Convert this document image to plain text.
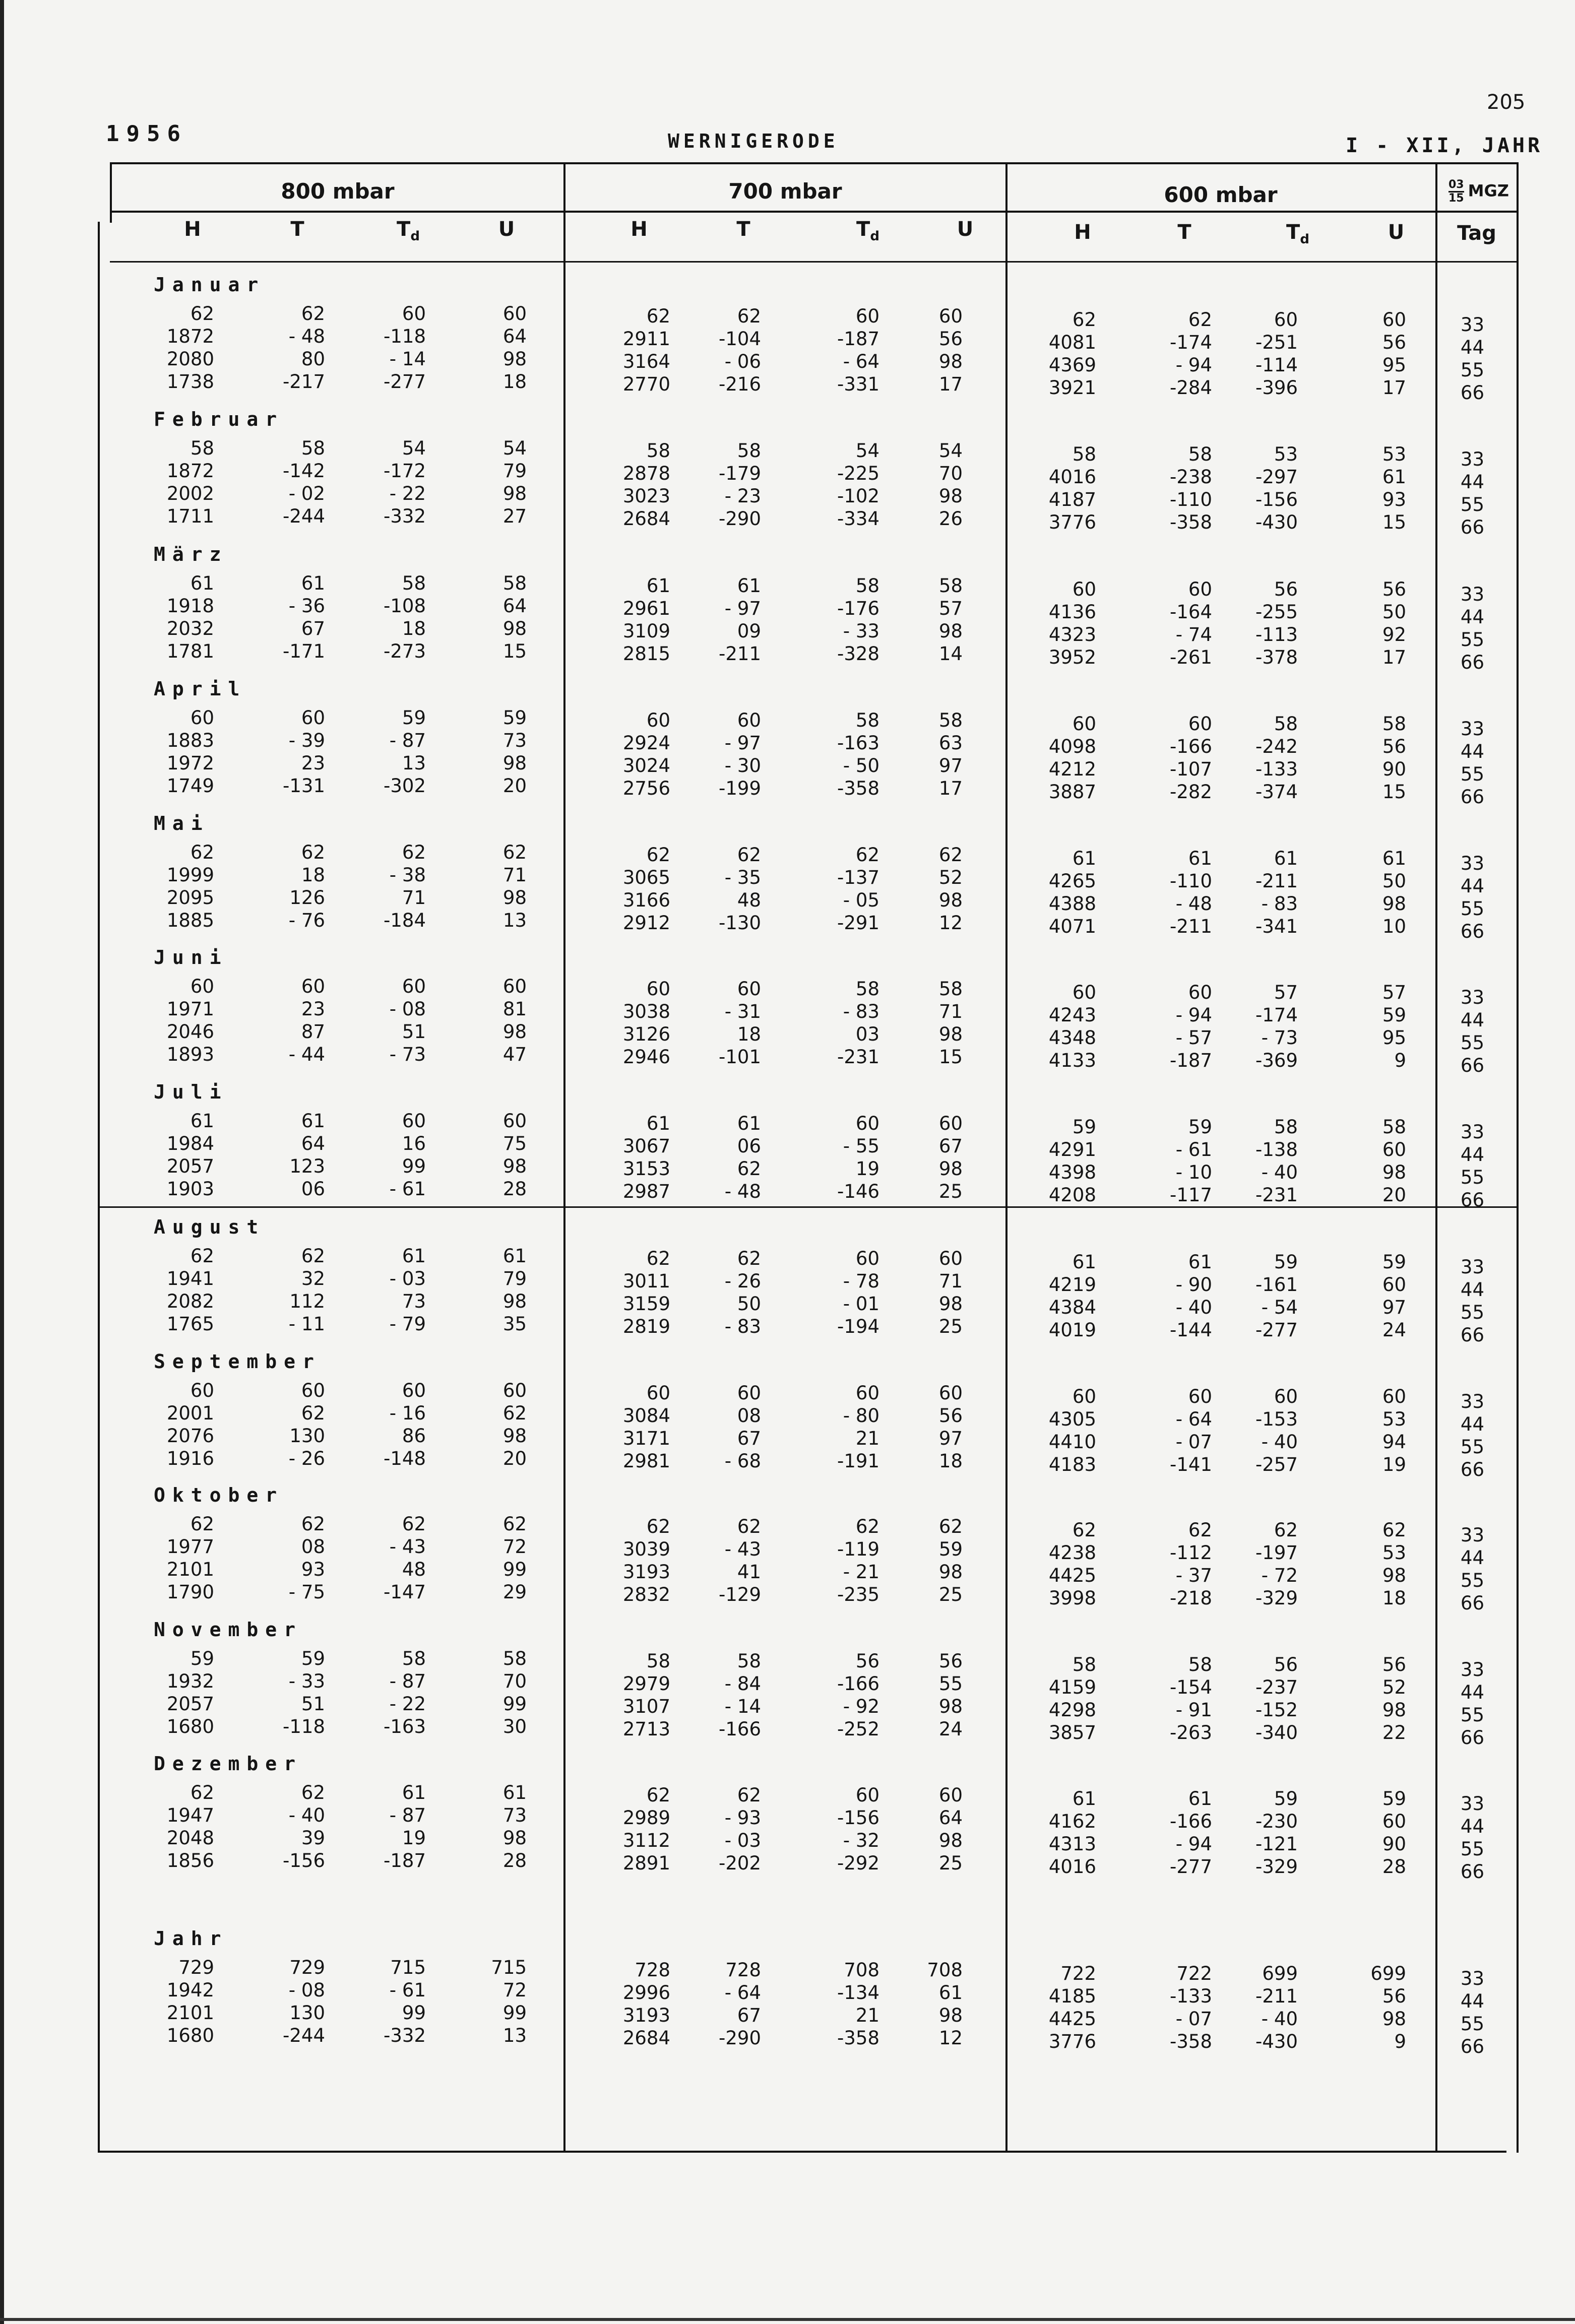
205
1956	WERNIGERODE	I - XII, JAHR
800 mbar
H	T	$T_d$	U
700 mbar
H	T	$T_d$	U
600 mbar
H	T	$T_d$	U
$\frac{03}{15}$ MGZ
Tag
Januar
62	62	60	60	62	62	60	60	62	62	60	60	33
1872	- 48	-118	64	2911	-104	-187	56	4081	-174 -251	56	44
2080	80	- 14	98	3164	- 06	- 64	98	4369	- 94 -114	95	55
1738	-217	-277	18	2770	-216	-331	17	3921	-284 -396	17	66
Februar
58	58	54	54	58	58	54	54	58	58	53	53	33
1872	-142	-172	79	2878	-179	-225	70	4016	-238 -297	61	44
2002	- 02	- 22	98	3023	- 23	-102	98	4187	-110 -156	93	55
1711	-244	-332	27	2684	-290	-334	26	3776	-358 -430	15	66
März
61	61	58	58	61	61	58	58	60	60	56	56	33
1918	- 36	-108	64	2961	- 97	-176	57	4136	-164 -255	50	44
2032	67	18	98	3109	09	- 33	98	4323	- 74 -113	92	55
1781	-171	-273	15	2815	-211	-328	14	3952	-261 -378	17	66
April
60	60	59	59	60	60	58	58	60	60	58	58	33
1883	- 39	- 87	73	2924	- 97	-163	63	4098	-166 -242	56	44
1972	23	13	98	3024	- 30	- 50	97	4212	-107 -133	90	55
1749	-131	-302	20	2756	-199	-358	17	3887	-282 -374	15	66
Mai
62	62	62	62	62	62	62	62	61	61	61	61	33
1999	18	- 38	71	3065	- 35	-137	52	4265	-110 -211	50	44
2095	126	71	98	3166	48	- 05	98	4388	- 48	- 83	98	55
1885	- 76	-184	13	2912	-130	-291	12	4071	-211 -341	10	66
Juni
60	60	60	60	60	60	58	58	60	60	57	57	33
1971	23	- 08	81	3038	- 31	- 83	71	4243	- 94 -174	59	44
2046	87	51	98	3126	18	03	98	4348	- 57	- 73	95	55
1893	- 44	- 73	47	2946	-101	-231	15	4133	-187 -369	9	66
Juli
61	61	60	60	61	61	60	60	59	59	58	58	33
1984	64	16	75	3067	06	- 55	67	4291	- 61 -138	60	44
2057	123	99	98	3153	62	19	98	4398	- 10	- 40	98	55
1903	06	- 61	28	2987	- 48	-146	25	4208	-117 -231	20	66
August
62	62	61	61	62	62	60	60	61	61	59	59	33
1941	32	- 03	79	3011	- 26	- 78	71	4219	- 90 -161	60	44
2082	112	73	98	3159	50	- 01	98	4384	- 40	- 54	97	55
1765	- 11	- 79	35	2819	- 83	-194	25	4019	-144 -277	24	66
September
60	60	60	60	60	60	60	60	60	60	60	60	33
2001	62	- 16	62	3084	08	- 80	56	4305	- 64 -153	53	44
2076	130	86	98	3171	67	21	97	4410	- 07	- 40	94	55
1916	- 26	-148	20	2981	- 68	-191	18	4183	-141 -257	19	66
Oktober
62	62	62	62	62	62	62	62	62	62	62	62	33
1977	08	- 43	72	3039	- 43	-119	59	4238	-112 -197	53	44
2101	93	48	99	3193	41	- 21	98	4425	- 37	- 72	98	55
1790	- 75	-147	29	2832	-129	-235	25	3998	-218 -329	18	66
November
59	59	58	58	58	58	56	56	58	58	56	56	33
1932	- 33	- 87	70	2979	- 84	-166	55	4159	-154 -237	52	44
2057	51	- 22	99	3107	- 14	- 92	98	4298	- 91 -152	98	55
1680	-118	-163	30	2713	-166	-252	24	3857	-263 -340	22	66
Dezember
62	62	61	61	62	62	60	60	61	61	59	59	33
1947	- 40	- 87	73	2989	- 93	-156	64	4162	-166 -230	60	44
2048	39	19	98	3112	- 03	- 32	98	4313	- 94 -121	90	55
1856	-156	-187	28	2891	-202	-292	25	4016	-277 -329	28	66
Jahr
729	729	715	715	728	728	708	708	722	722	699	699	33
1942	- 08	- 61	72	2996	- 64	-134	61	4185	-133 -211	56	44
2101	130	99	99	3193	67	21	98	4425	- 07	- 40	98	55
1680	-244	-332	13	2684	-290	-358	12	3776	-358 -430	9	66
